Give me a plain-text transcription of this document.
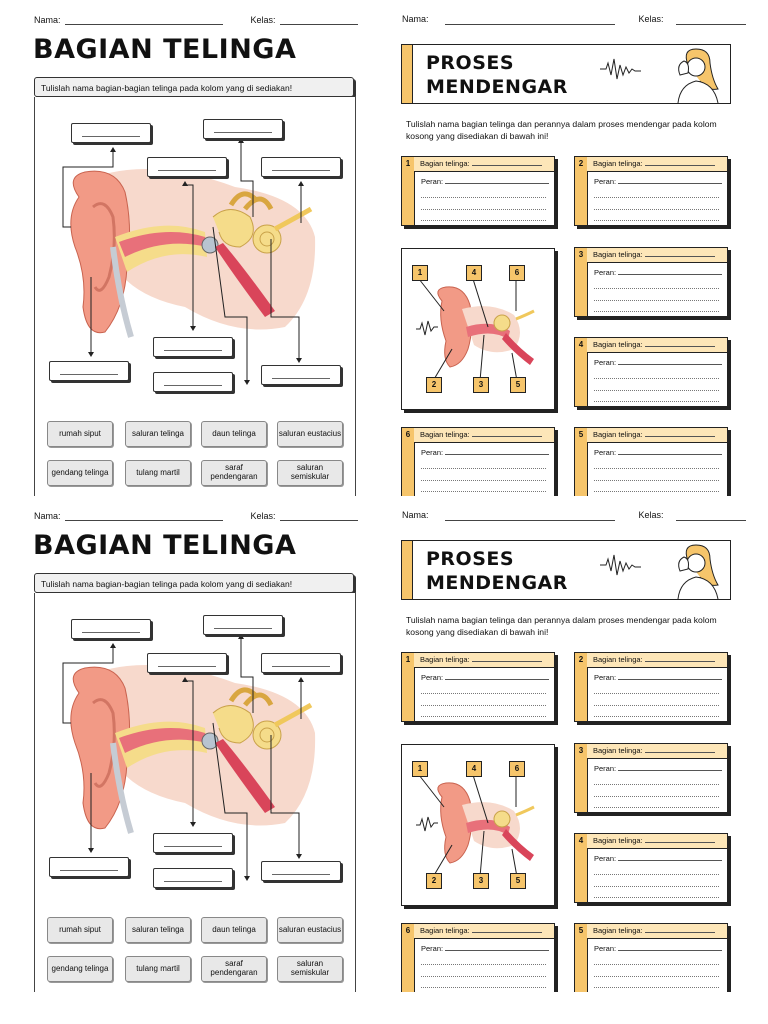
Nama:	Kelas:
BAGIAN TELINGA
Tulislah nama bagian-bagian telinga pada kolom yang di sediakan!
rumah siput	saluran telinga	daun telinga	saluran eustacius
gendang telinga	tulang martil	saraf pendengaran
saluran semiskular
Nama:	Kelas:
PROSES
MENDENGAR
Tulislah nama bagian telinga dan perannya dalam proses mendengar pada kolom kosong yang disediakan di bawah ini!
1	Bagian telinga:
Peran:
2	Bagian telinga:
Peran:
3	Bagian telinga:
Peran:
4	Bagian telinga:
Peran:
6	Bagian telinga:
Peran:
5	Bagian telinga:
Peran:
1	4	6
2	3	5
Nama:	Kelas:
BAGIAN TELINGA
Tulislah nama bagian-bagian telinga pada kolom yang di sediakan!
rumah siput	saluran telinga	daun telinga	saluran eustacius
gendang telinga	tulang martil	saraf pendengaran
saluran semiskular
Nama:	Kelas:
PROSES
MENDENGAR
Tulislah nama bagian telinga dan perannya dalam proses mendengar pada kolom kosong yang disediakan di bawah ini!
1	Bagian telinga:
Peran:
2	Bagian telinga:
Peran:
3	Bagian telinga:
Peran:
4	Bagian telinga:
Peran:
6	Bagian telinga:
Peran:
5	Bagian telinga:
Peran:
1	4	6
2	3	5
